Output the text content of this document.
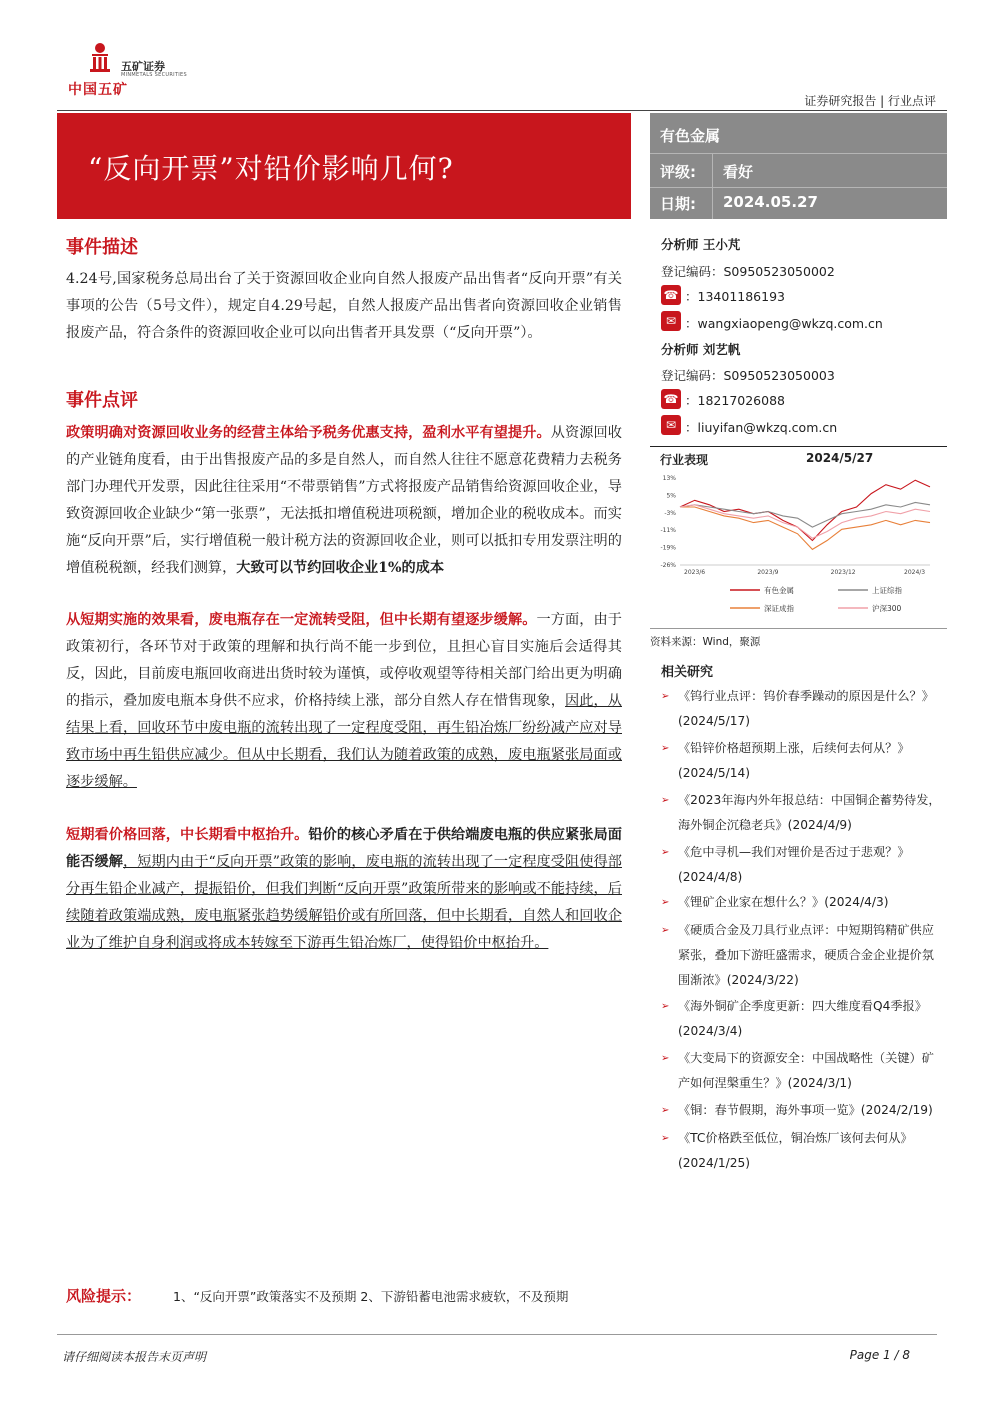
中国五矿
五矿证券
MINMETALS SECURITIES
证券研究报告 | 行业点评
“反向开票”对铅价影响几何?
有色金属
评级: 看好
日期: 2024.05.27
事件描述
4.24号,国家税务总局出台了关于资源回收企业向自然人报废产品出售者“反向开票”有关事项的公告（5号文件），规定自4.29号起，自然人报废产品出售者向资源回收企业销售报废产品，符合条件的资源回收企业可以向出售者开具发票（“反向开票”）。
事件点评
政策明确对资源回收业务的经营主体给予税务优惠支持，盈利水平有望提升。从资源回收的产业链角度看，由于出售报废产品的多是自然人，而自然人往往不愿意花费精力去税务部门办理代开发票，因此往往采用“不带票销售”方式将报废产品销售给资源回收企业，导致资源回收企业缺少“第一张票”，无法抵扣增值税进项税额，增加企业的税收成本。而实施“反向开票”后，实行增值税一般计税方法的资源回收企业，则可以抵扣专用发票注明的增值税税额，经我们测算，大致可以节约回收企业1%的成本
从短期实施的效果看，废电瓶存在一定流转受阻，但中长期有望逐步缓解。一方面，由于政策初行，各环节对于政策的理解和执行尚不能一步到位，且担心盲目实施后会适得其反，因此，目前废电瓶回收商进出货时较为谨慎，或停收观望等待相关部门给出更为明确的指示，叠加废电瓶本身供不应求，价格持续上涨，部分自然人存在惜售现象，因此，从结果上看，回收环节中废电瓶的流转出现了一定程度受阻，再生铅冶炼厂纷纷减产应对导致市场中再生铅供应减少。但从中长期看，我们认为随着政策的成熟，废电瓶紧张局面或逐步缓解。
短期看价格回落，中长期看中枢抬升。铅价的核心矛盾在于供给端废电瓶的供应紧张局面能否缓解，短期内由于“反向开票”政策的影响，废电瓶的流转出现了一定程度受阻使得部分再生铅企业减产，提振铅价，但我们判断“反向开票”政策所带来的影响或不能持续，后续随着政策端成熟，废电瓶紧张趋势缓解铅价或有所回落，但中长期看，自然人和回收企业为了维护自身利润或将成本转嫁至下游再生铅冶炼厂，使得铅价中枢抬升。
分析师 王小芃
登记编码：S0950523050002
☎ ：13401186193
✉ ：wangxiaopeng@wkzq.com.cn
分析师 刘艺帆
登记编码：S0950523050003
☎ ：18217026088
✉ ：liuyifan@wkzq.com.cn
行业表现	2024/5/27
13%
5%
-3%
-11%
-19%
-26%
2023/6	2023/9	2023/12	2024/3
有色金属	上证综指
深证成指	沪深300
资料来源：Wind，聚源
相关研究
➢ 《钨行业点评：钨价春季躁动的原因是什么？》(2024/5/17)
➢ 《铅锌价格超预期上涨，后续何去何从？》(2024/5/14)
➢ 《2023年海内外年报总结：中国铜企蓄势待发，海外铜企沉稳老兵》(2024/4/9)
➢ 《危中寻机—我们对锂价是否过于悲观？》(2024/4/8)
➢ 《锂矿企业家在想什么？》(2024/4/3)
➢ 《硬质合金及刀具行业点评：中短期钨精矿供应紧张，叠加下游旺盛需求，硬质合金企业提价氛围渐浓》(2024/3/22)
➢ 《海外铜矿企季度更新：四大维度看Q4季报》(2024/3/4)
➢ 《大变局下的资源安全：中国战略性（关键）矿产如何涅槃重生？》(2024/3/1)
➢ 《铜：春节假期，海外事项一览》(2024/2/19)
➢ 《TC价格跌至低位，铜冶炼厂该何去何从》(2024/1/25)
风险提示：	1、“反向开票”政策落实不及预期 2、下游铅蓄电池需求疲软，不及预期
请仔细阅读本报告末页声明	Page 1 / 8
